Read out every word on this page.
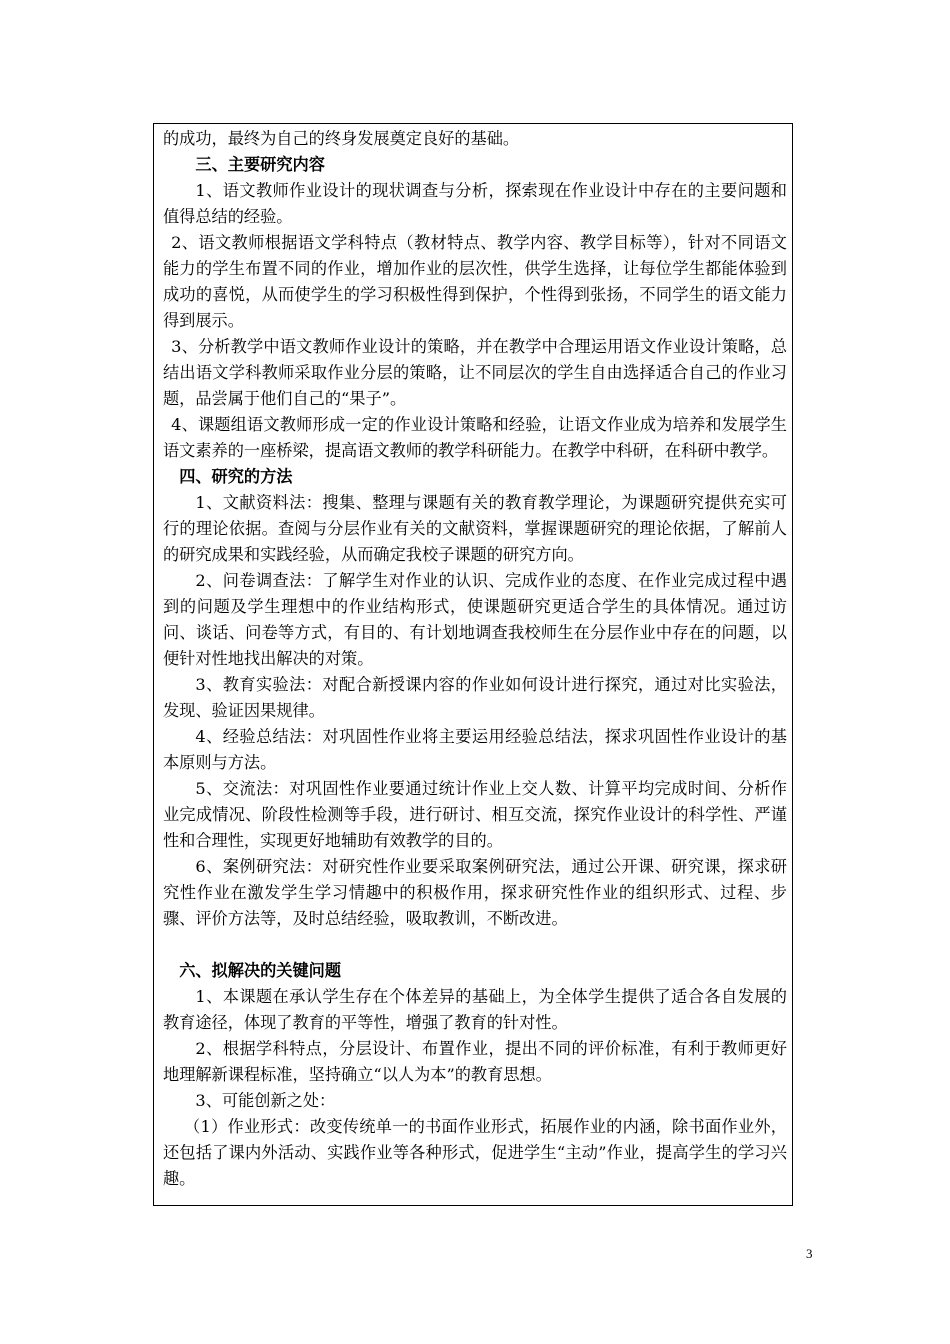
的成功，最终为自己的终身发展奠定良好的基础。

三、主要研究内容

1、语文教师作业设计的现状调查与分析，探索现在作业设计中存在的主要问题和值得总结的经验。

2、语文教师根据语文学科特点（教材特点、教学内容、教学目标等），针对不同语文能力的学生布置不同的作业，增加作业的层次性，供学生选择，让每位学生都能体验到成功的喜悦，从而使学生的学习积极性得到保护，个性得到张扬，不同学生的语文能力得到展示。

3、分析教学中语文教师作业设计的策略，并在教学中合理运用语文作业设计策略，总结出语文学科教师采取作业分层的策略，让不同层次的学生自由选择适合自己的作业习题，品尝属于他们自己的“果子”。

4、课题组语文教师形成一定的作业设计策略和经验，让语文作业成为培养和发展学生语文素养的一座桥梁，提高语文教师的教学科研能力。在教学中科研，在科研中教学。

四、研究的方法

1、文献资料法：搜集、整理与课题有关的教育教学理论，为课题研究提供充实可行的理论依据。查阅与分层作业有关的文献资料，掌握课题研究的理论依据，了解前人的研究成果和实践经验，从而确定我校子课题的研究方向。

2、问卷调查法：了解学生对作业的认识、完成作业的态度、在作业完成过程中遇到的问题及学生理想中的作业结构形式，使课题研究更适合学生的具体情况。通过访问、谈话、问卷等方式，有目的、有计划地调查我校师生在分层作业中存在的问题，以便针对性地找出解决的对策。

3、教育实验法：对配合新授课内容的作业如何设计进行探究，通过对比实验法，发现、验证因果规律。

4、经验总结法：对巩固性作业将主要运用经验总结法，探求巩固性作业设计的基本原则与方法。

5、交流法：对巩固性作业要通过统计作业上交人数、计算平均完成时间、分析作业完成情况、阶段性检测等手段，进行研讨、相互交流，探究作业设计的科学性、严谨性和合理性，实现更好地辅助有效教学的目的。

6、案例研究法：对研究性作业要采取案例研究法，通过公开课、研究课，探求研究性作业在激发学生学习情趣中的积极作用，探求研究性作业的组织形式、过程、步骤、评价方法等，及时总结经验，吸取教训，不断改进。

六、拟解决的关键问题

1、本课题在承认学生存在个体差异的基础上，为全体学生提供了适合各自发展的教育途径，体现了教育的平等性，增强了教育的针对性。

2、根据学科特点，分层设计、布置作业，提出不同的评价标准，有利于教师更好地理解新课程标准，坚持确立“以人为本”的教育思想。

3、可能创新之处：

（1）作业形式：改变传统单一的书面作业形式，拓展作业的内涵，除书面作业外，还包括了课内外活动、实践作业等各种形式，促进学生“主动”作业，提高学生的学习兴趣。

3
